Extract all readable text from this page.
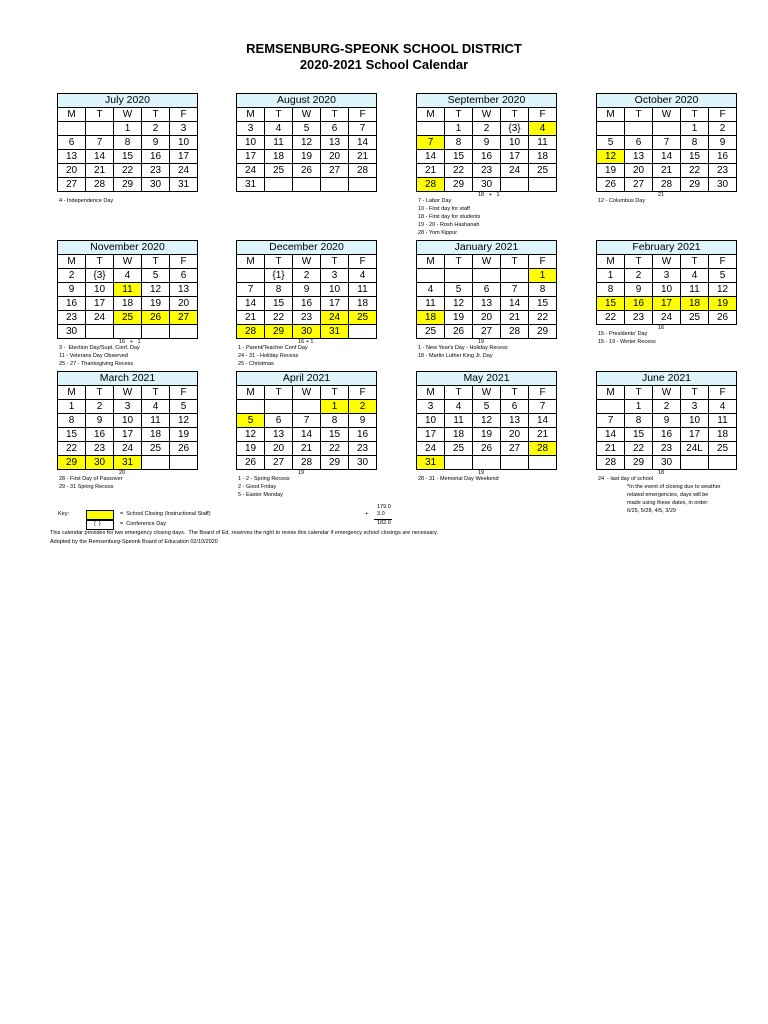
REMSENBURG-SPEONK SCHOOL DISTRICT
2020-2021 School Calendar
July 2020				
M	T	W	T	F
		1	2	3
6	7	8	9	10
13	14	15	16	17
20	21	22	23	24
27	28	29	30	31
4 - Independence Day
August 2020				
M	T	W	T	F
3	4	5	6	7
10	11	12	13	14
17	18	19	20	21
24	25	26	27	28
31				
September 2020				
M	T	W	T	F
	1	2	{3}	4
7	8	9	10	11
14	15	16	17	18
21	22	23	24	25
28	29	30		
18   +   1
7 - Labor Day
10 - First day for staff
18 - First day for students
19 - 20 - Rosh Hashanah
28 - Yom Kippur
October 2020				
M	T	W	T	F
			1	2
5	6	7	8	9
12	13	14	15	16
19	20	21	22	23
26	27	28	29	30
21
12 - Columbus Day
November 2020				
M	T	W	T	F
2	{3}	4	5	6
9	10	11	12	13
16	17	18	19	20
23	24	25	26	27
30				
16   +   1
3 -  Election Day/Supt. Conf. Day
11 - Veterans Day Observed
25 - 27 - Thanksgiving Recess
December 2020				
M	T	W	T	F
	{1}	2	3	4
7	8	9	10	11
14	15	16	17	18
21	22	23	24	25
28	29	30	31	
16 + 1
1 - Parent/Teacher Conf Day
24 - 31 - Holiday Recess
25 - Christmas
January 2021				
M	T	W	T	F
				1
4	5	6	7	8
11	12	13	14	15
18	19	20	21	22
25	26	27	28	29
19
1 - New Year's Day - Holiday Recess
18 - Martin Luther King Jr. Day
February 2021				
M	T	W	T	F
1	2	3	4	5
8	9	10	11	12
15	16	17	18	19
22	23	24	25	26
16
15 - Presidents' Day
15 - 19 - Winter Recess
March 2021				
M	T	W	T	F
1	2	3	4	5
8	9	10	11	12
15	16	17	18	19
22	23	24	25	26
29	30	31		
20
28 - First Day of Passover
29 - 31 Spring Recess
April 2021				
M	T	W	T	F
			1	2
5	6	7	8	9
12	13	14	15	16
19	20	21	22	23
26	27	28	29	30
19
1 - 2 - Spring Recess
2 - Good Friday
5 - Easter Monday
May 2021				
M	T	W	T	F
3	4	5	6	7
10	11	12	13	14
17	18	19	20	21
24	25	26	27	28
31				
19
28 - 31 - Memorial Day Weekend
June 2021				
M	T	W	T	F
	1	2	3	4
7	8	9	10	11
14	15	16	17	18
21	22	23	24L	25
28	29	30		
18
24  - last day of school
*In the event of closing due to weather
related emergencies, days will be
made using these dates, in order:
6/25, 5/28, 4/5, 3/29
Key:	=  School Closing (Instructional Staff)
{  }	=  Conference Day
179.0
+ 3.0
182.0
This calendar provides for two emergency closing days.  The Board of Ed. reserves the right to revise this calendar if emergency school closings are necessary.
Adopted by the Remsenburg-Speonk Board of Education 02/10/2020
